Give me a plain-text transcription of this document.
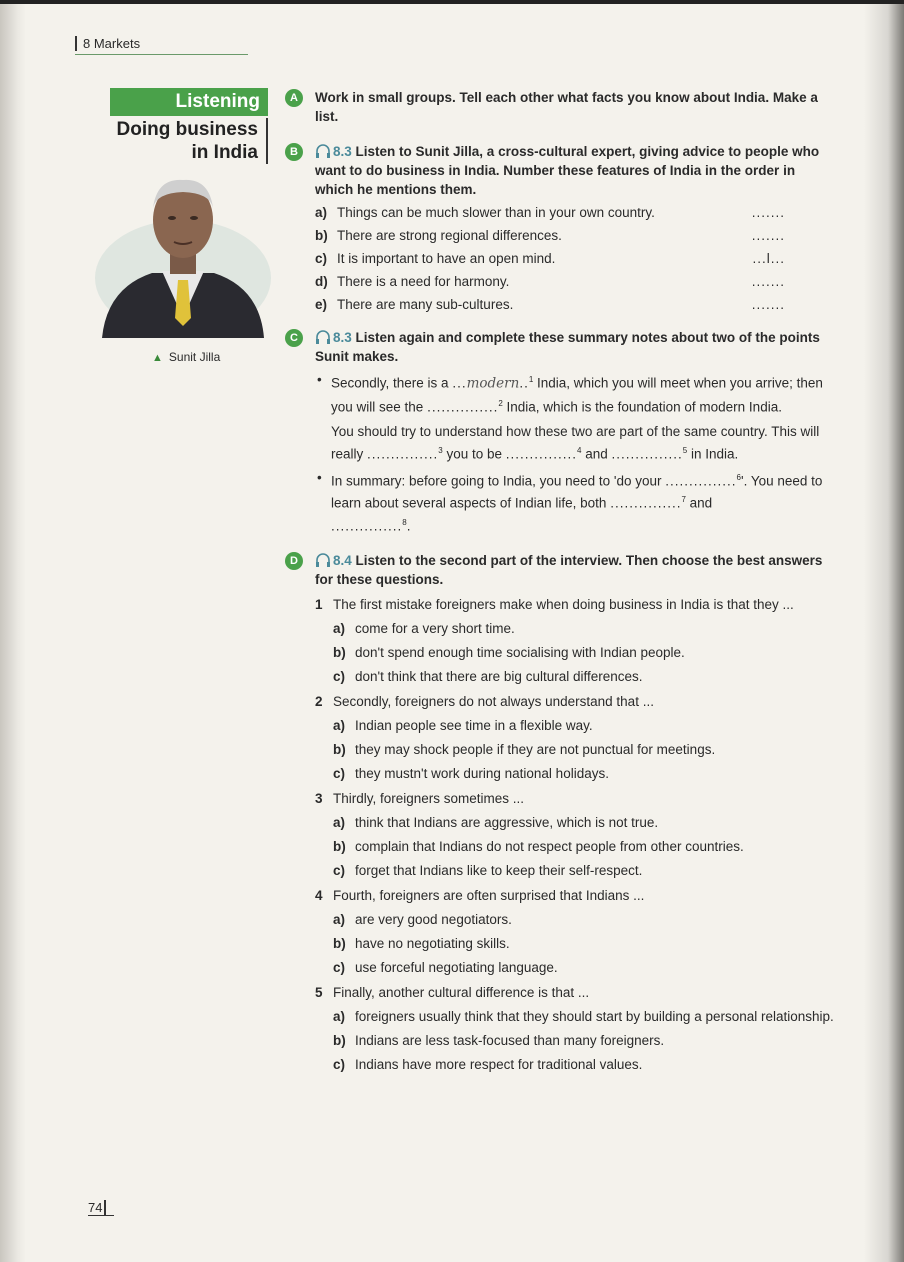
8 Markets
Listening
Doing business
in India
▲ Sunit Jilla
A	Work in small groups. Tell each other what facts you know about India. Make a list.
B	8.3 Listen to Sunit Jilla, a cross-cultural expert, giving advice to people who want to do business in India. Number these features of India in the order in which he mentions them.
a) Things can be much slower than in your own country.	.......
b) There are strong regional differences.	.......
c) It is important to have an open mind.	...l...
d) There is a need for harmony.	.......
e) There are many sub-cultures.	.......
C	8.3 Listen again and complete these summary notes about two of the points Sunit makes.
• Secondly, there is a ...modern..$^1$ India, which you will meet when you arrive; then you will see the ...............$^2$ India, which is the foundation of modern India.
You should try to understand how these two are part of the same country. This will really ...............$^3$ you to be ...............$^4$ and ...............$^5$ in India.
• In summary: before going to India, you need to 'do your ...............$^6$'. You need to learn about several aspects of Indian life, both ...............$^7$ and
...............$^8$.
D	8.4 Listen to the second part of the interview. Then choose the best answers for these questions.
1 The first mistake foreigners make when doing business in India is that they ...
a) come for a very short time.
b) don't spend enough time socialising with Indian people.
c) don't think that there are big cultural differences.
2 Secondly, foreigners do not always understand that ...
a) Indian people see time in a flexible way.
b) they may shock people if they are not punctual for meetings.
c) they mustn't work during national holidays.
3 Thirdly, foreigners sometimes ...
a) think that Indians are aggressive, which is not true.
b) complain that Indians do not respect people from other countries.
c) forget that Indians like to keep their self-respect.
4 Fourth, foreigners are often surprised that Indians ...
a) are very good negotiators.
b) have no negotiating skills.
c) use forceful negotiating language.
5 Finally, another cultural difference is that ...
a) foreigners usually think that they should start by building a personal relationship.
b) Indians are less task-focused than many foreigners.
c) Indians have more respect for traditional values.
74
